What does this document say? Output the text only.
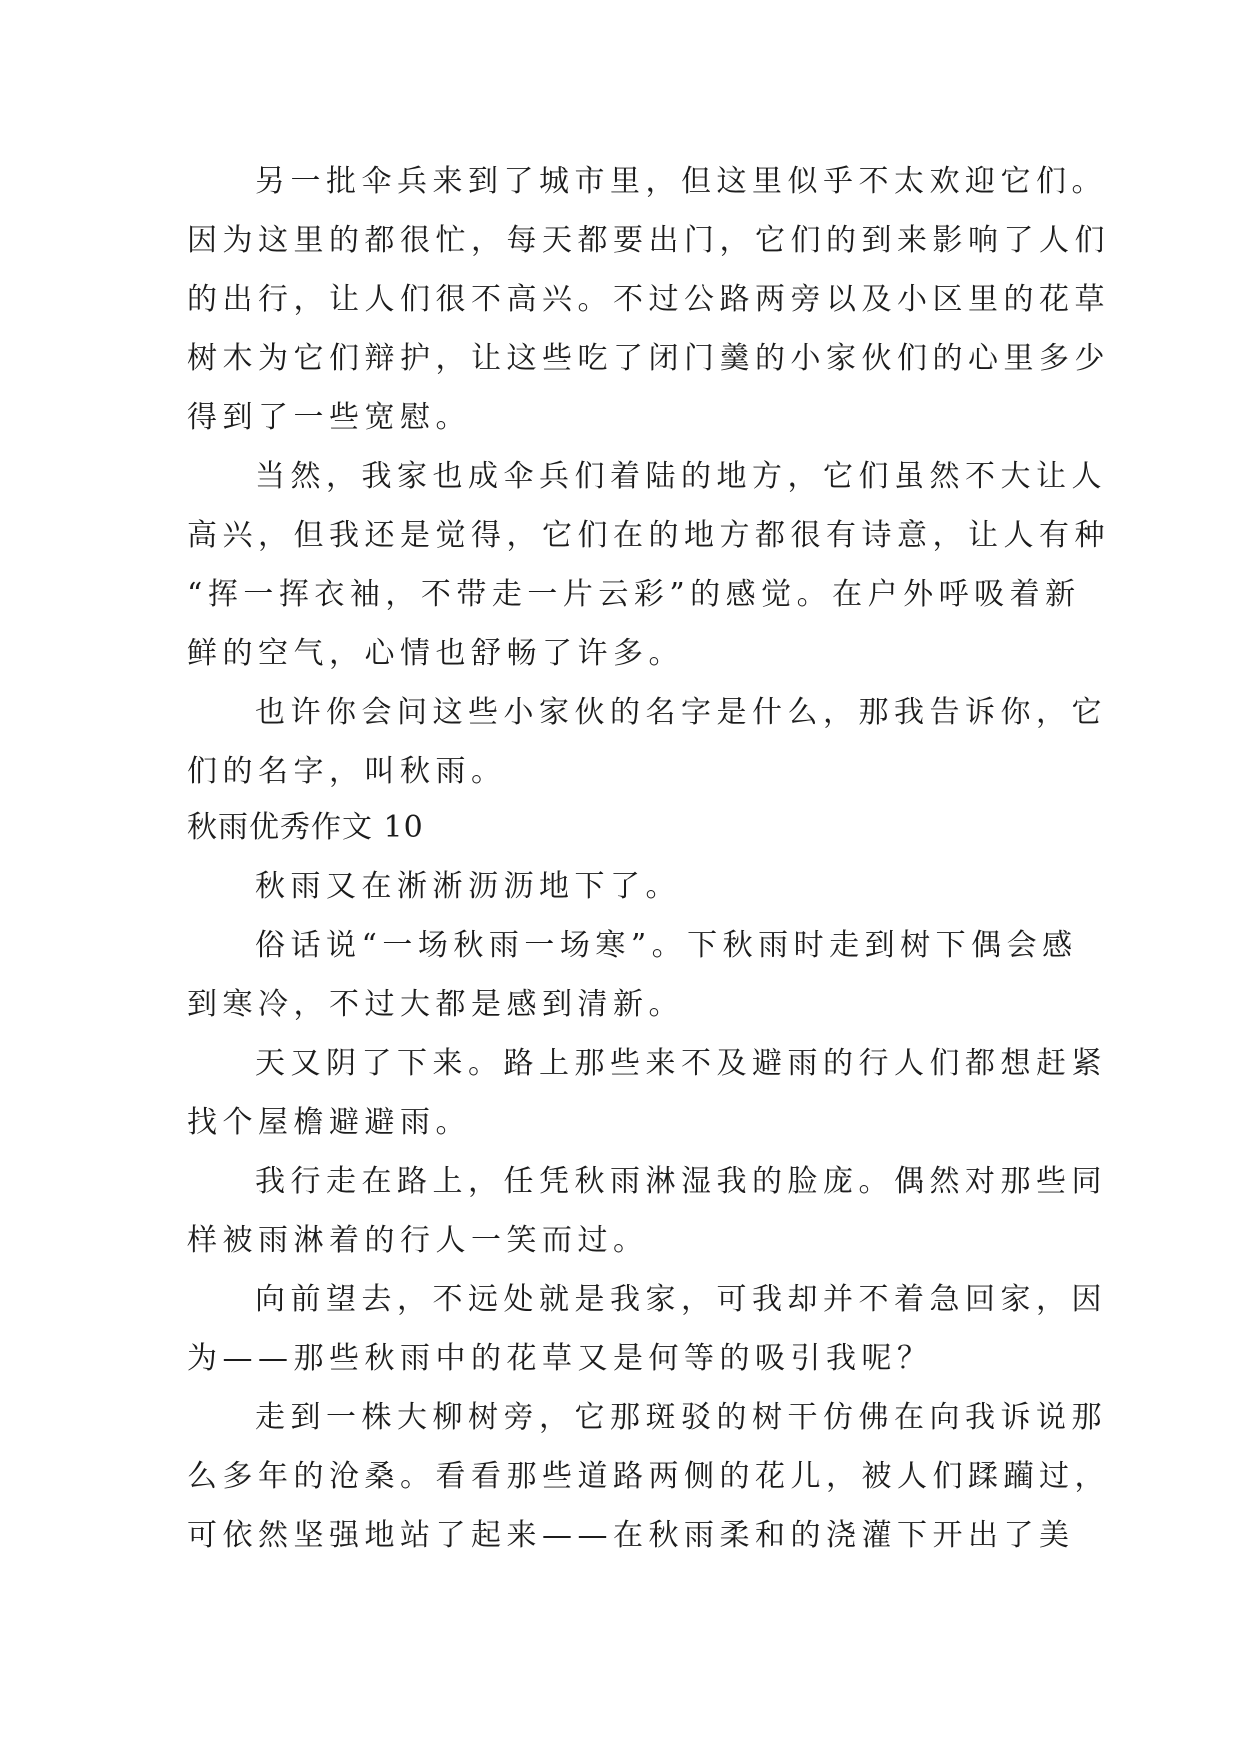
另一批伞兵来到了城市里，但这里似乎不太欢迎它们。
因为这里的都很忙，每天都要出门，它们的到来影响了人们
的出行，让人们很不高兴。不过公路两旁以及小区里的花草
树木为它们辩护，让这些吃了闭门羹的小家伙们的心里多少
得到了一些宽慰。
当然，我家也成伞兵们着陆的地方，它们虽然不大让人
高兴，但我还是觉得，它们在的地方都很有诗意，让人有种
“挥一挥衣袖，不带走一片云彩”的感觉。在户外呼吸着新
鲜的空气，心情也舒畅了许多。
也许你会问这些小家伙的名字是什么，那我告诉你，它
们的名字，叫秋雨。
秋雨优秀作文 10
秋雨又在淅淅沥沥地下了。
俗话说“一场秋雨一场寒”。下秋雨时走到树下偶会感
到寒冷，不过大都是感到清新。
天又阴了下来。路上那些来不及避雨的行人们都想赶紧
找个屋檐避避雨。
我行走在路上，任凭秋雨淋湿我的脸庞。偶然对那些同
样被雨淋着的行人一笑而过。
向前望去，不远处就是我家，可我却并不着急回家，因
为——那些秋雨中的花草又是何等的吸引我呢？
走到一株大柳树旁，它那斑驳的树干仿佛在向我诉说那
么多年的沧桑。看看那些道路两侧的花儿，被人们蹂躏过，
可依然坚强地站了起来——在秋雨柔和的浇灌下开出了美
